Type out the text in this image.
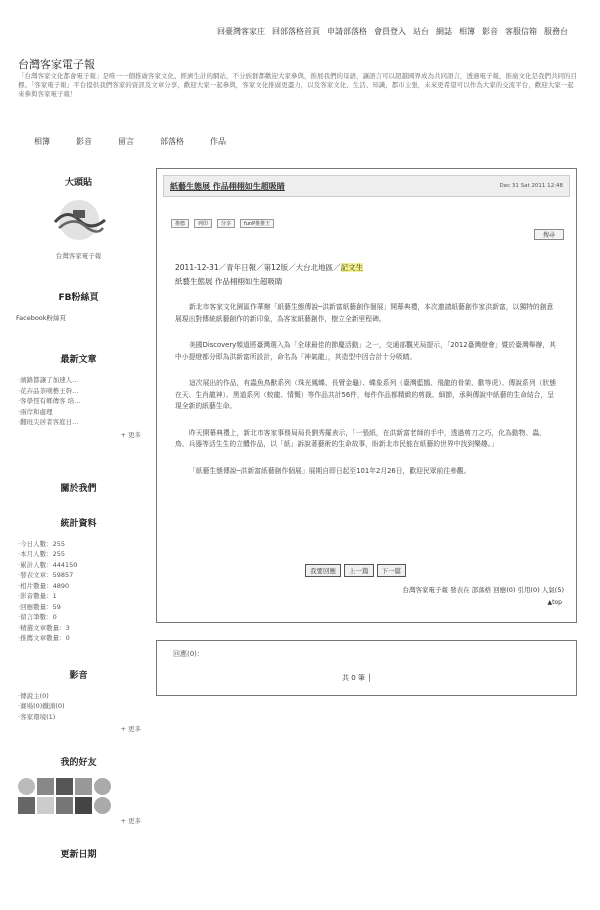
回臺灣客家庄 回部落格首頁 申請部落格 會員登入 站台 網誌 相簿 影音 客服信箱 服務台
台灣客家電子報
「台灣客家文化都會電子報」是唯一一個推廣客家文化、經濟生計的網站，不分族群都歡迎大家參與，推展我們的母語，讓語言可以超越國界成為共同語言，透過電子報，推廣文化是我們共同的目標。「客家電子報」平台提供我們客家的資訊及文章分享，歡迎大家一起參與，客家文化推廣更盡力，以及客家文化、生活、知識，都市主張，未來更希望可以作為大家的交流平台，歡迎大家一起來參與客家電子報！
相簿	影音	留言	部落格	作品
大頭貼
台灣客家電子報
FB粉絲頁
Facebook粉絲頁
最新文章
· 濱路都讓了加速人...
· 花卉品茶嘆藝王幹...
· 客學徑有鄉傳客 培...
· 兩岸和處理
· 翻班尖居者客庭日...
+ 更多
關於我們
統計資料
· 今日人數：255
· 本月人數：255
· 累計人數：444150
· 發表文章：59857
· 相片數量：4890
· 影音數量：1
· 回應數量：59
· 留言筆數：0
· 精選文章數量：3
· 推薦文章數量：0
影音
· 傳說主(0)
· 賽場(0)鐵頭(0)
· 客家環境(1)
+ 更多
我的好友
+ 更多
更新日期
紙藝生態展 作品栩栩如生超吸睛	Dec 31 Sat 2011 12:48
推薦	列印	分享	funP推推王
搜尋
2011-12-31／青年日報／第12版／大台北地區／記文生
紙藝生態展 作品栩栩如生超吸睛

新北市客家文化園區作華辦「紙藝生態傳說─洪新富紙藝創作個展」開幕典禮，本次邀請紙藝創作家洪新富，以獨特的創意展現出對傳統紙藝創作的新印象，為客家紙藝創作，樹立全新里程碑。

美國Discovery頻道將臺灣選入為「全球最佳的節慶活動」之一，交通部觀光局提示，「2012臺灣燈會」暨於臺灣舉辦，其中小提燈都分即為洪新富所設計，命名為「神氣龍」，其造型中因合計十分吸睛。

這次展出的作品，有蟲魚鳥獸系列（珠光鳳蝶、長臂金龜）、蝶象系列（臺灣藍鵲、飛龍的骨架、歡等虎）、傳說系列（狀態在天、生肖龍神）、黑道系列（蛟龍、情慨）等作品共計56件，每件作品都精緻的剪裁、細節，承與傳說中紙藝的生命結合，呈現全新的紙藝生命。

昨天開幕典禮上，新北市客家事務局局長劉秀羅表示，「一張紙，在洪新富老師的手中，透過剪刀之巧，化為動物、蟲、鳥、兵器等活生生的立體作品，以「紙」訴說著藝術的生命故事，盼新北市民能在紙藝的世界中找到樂趣。」

「紙藝生態傳說─洪新富紙藝創作個展」展期自即日起至101年2月26日，歡迎民眾前往參觀。

我要回應	上一篇	下一篇
台灣客家電子報 發表在 部落格 回應(0) 引用(0) 人氣(5)
▲top
回應(0)：
共 0 筆 │
